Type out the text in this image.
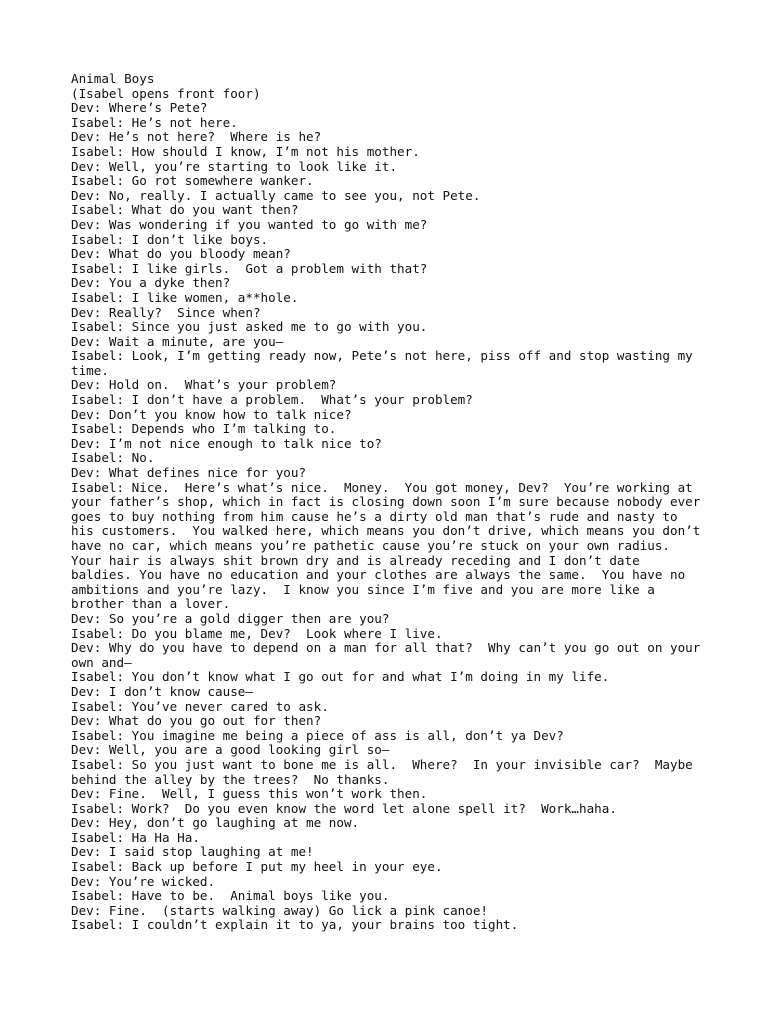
Animal Boys
(Isabel opens front foor)
Dev: Where’s Pete?
Isabel: He’s not here.
Dev: He’s not here?  Where is he?
Isabel: How should I know, I’m not his mother.
Dev: Well, you’re starting to look like it.
Isabel: Go rot somewhere wanker.
Dev: No, really. I actually came to see you, not Pete.
Isabel: What do you want then?
Dev: Was wondering if you wanted to go with me?
Isabel: I don’t like boys.
Dev: What do you bloody mean?
Isabel: I like girls.  Got a problem with that?
Dev: You a dyke then?
Isabel: I like women, a**hole.
Dev: Really?  Since when?
Isabel: Since you just asked me to go with you.
Dev: Wait a minute, are you—
Isabel: Look, I’m getting ready now, Pete’s not here, piss off and stop wasting my
time.
Dev: Hold on.  What’s your problem?
Isabel: I don’t have a problem.  What’s your problem?
Dev: Don’t you know how to talk nice?
Isabel: Depends who I’m talking to.
Dev: I’m not nice enough to talk nice to?
Isabel: No.
Dev: What defines nice for you?
Isabel: Nice.  Here’s what’s nice.  Money.  You got money, Dev?  You’re working at
your father’s shop, which in fact is closing down soon I’m sure because nobody ever
goes to buy nothing from him cause he’s a dirty old man that’s rude and nasty to
his customers.  You walked here, which means you don’t drive, which means you don’t
have no car, which means you’re pathetic cause you’re stuck on your own radius.
Your hair is always shit brown dry and is already receding and I don’t date
baldies. You have no education and your clothes are always the same.  You have no
ambitions and you’re lazy.  I know you since I’m five and you are more like a
brother than a lover.
Dev: So you’re a gold digger then are you?
Isabel: Do you blame me, Dev?  Look where I live.
Dev: Why do you have to depend on a man for all that?  Why can’t you go out on your
own and—
Isabel: You don’t know what I go out for and what I’m doing in my life.
Dev: I don’t know cause—
Isabel: You’ve never cared to ask.
Dev: What do you go out for then?
Isabel: You imagine me being a piece of ass is all, don’t ya Dev?
Dev: Well, you are a good looking girl so–
Isabel: So you just want to bone me is all.  Where?  In your invisible car?  Maybe
behind the alley by the trees?  No thanks.
Dev: Fine.  Well, I guess this won’t work then.
Isabel: Work?  Do you even know the word let alone spell it?  Work…haha.
Dev: Hey, don’t go laughing at me now.
Isabel: Ha Ha Ha.
Dev: I said stop laughing at me!
Isabel: Back up before I put my heel in your eye.
Dev: You’re wicked.
Isabel: Have to be.  Animal boys like you.
Dev: Fine.  (starts walking away) Go lick a pink canoe!
Isabel: I couldn’t explain it to ya, your brains too tight.
